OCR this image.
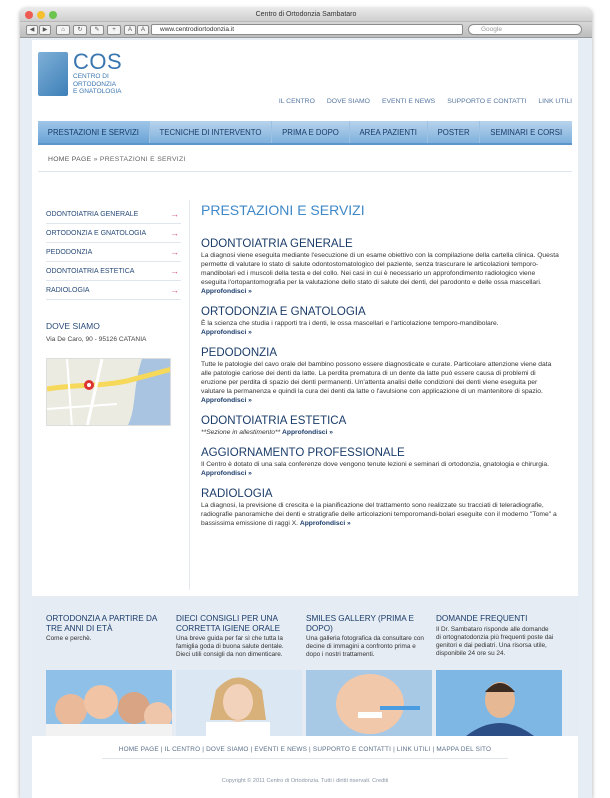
Centro di Ortodonzia Sambataro
◀	▶	⌂	↻	✎	+	A	A	www.centrodiortodonzia.it	Google
COS
CENTRO DI
ORTODONZIA
E GNATOLOGIA
IL CENTRO DOVE SIAMO EVENTI E NEWS SUPPORTO E CONTATTI LINK UTILI
PRESTAZIONI E SERVIZI	TECNICHE DI INTERVENTO	PRIMA E DOPO	AREA PAZIENTI	POSTER	SEMINARI E CORSI
HOME PAGE » PRESTAZIONI E SERVIZI
ODONTOIATRIA GENERALE	→
ORTODONZIA E GNATOLOGIA	→
PEDODONZIA	→
ODONTOIATRIA ESTETICA	→
RADIOLOGIA	→
DOVE SIAMO
Via De Caro, 90 - 95126 CATANIA
PRESTAZIONI E SERVIZI
ODONTOIATRIA GENERALE

La diagnosi viene eseguita mediante l'esecuzione di un esame obiettivo con la compilazione della cartella clinica. Questa permette di valutare lo stato di salute odontostomatologico del paziente, senza trascurare le articolazioni temporo-mandibolari ed i muscoli della testa e del collo. Nei casi in cui è necessario un approfondimento radiologico viene eseguita l'ortopantomografia per la valutazione dello stato di salute dei denti, del parodonto e delle ossa mascellari. Approfondisci »

ORTODONZIA E GNATOLOGIA

È la scienza che studia i rapporti tra i denti, le ossa mascellari e l'articolazione temporo-mandibolare.
Approfondisci »

PEDODONZIA

Tutte le patologie del cavo orale del bambino possono essere diagnosticate e curate. Particolare attenzione viene data alle patologie cariose dei denti da latte. La perdita prematura di un dente da latte può essere causa di problemi di eruzione per perdita di spazio dei denti permanenti. Un'attenta analisi delle condizioni dei denti viene eseguita per valutare la permanenza e quindi la cura dei denti da latte o l'avulsione con applicazione di un mantenitore di spazio. Approfondisci »

ODONTOIATRIA ESTETICA

**Sezione in allestimento** Approfondisci »

AGGIORNAMENTO PROFESSIONALE

Il Centro è dotato di una sala conferenze dove vengono tenute lezioni e seminari di ortodonzia, gnatologia e chirurgia. Approfondisci »

RADIOLOGIA

La diagnosi, la previsione di crescita e la pianificazione del trattamento sono realizzate su tracciati di teleradiografie, radiografie panoramiche dei denti e stratigrafie delle articolazioni temporomandi-bolari eseguite con il moderno "Tome" a bassissima emissione di raggi X. Approfondisci »

ORTODONZIA A PARTIRE DA TRE ANNI DI ETÀ

Come e perchè.

DIECI CONSIGLI PER UNA CORRETTA IGIENE ORALE

Una breve guida per far sì che tutta la famiglia goda di buona salute dentale. Dieci utili consigli da non dimenticare.

SMILES GALLERY (PRIMA E DOPO)

Una galleria fotografica da consultare con decine di immagini a confronto prima e dopo i nostri trattamenti.

DOMANDE FREQUENTI

Il Dr. Sambataro risponde alle domande di ortognatodonzia più frequenti poste dai genitori e dai pediatri. Una risorsa utile, disponibile 24 ore su 24.

HOME PAGE | IL CENTRO | DOVE SIAMO | EVENTI E NEWS | SUPPORTO E CONTATTI | LINK UTILI | MAPPA DEL SITO
Copyright © 2011 Centro di Ortodonzia. Tutti i diritti riservati. Crediti
